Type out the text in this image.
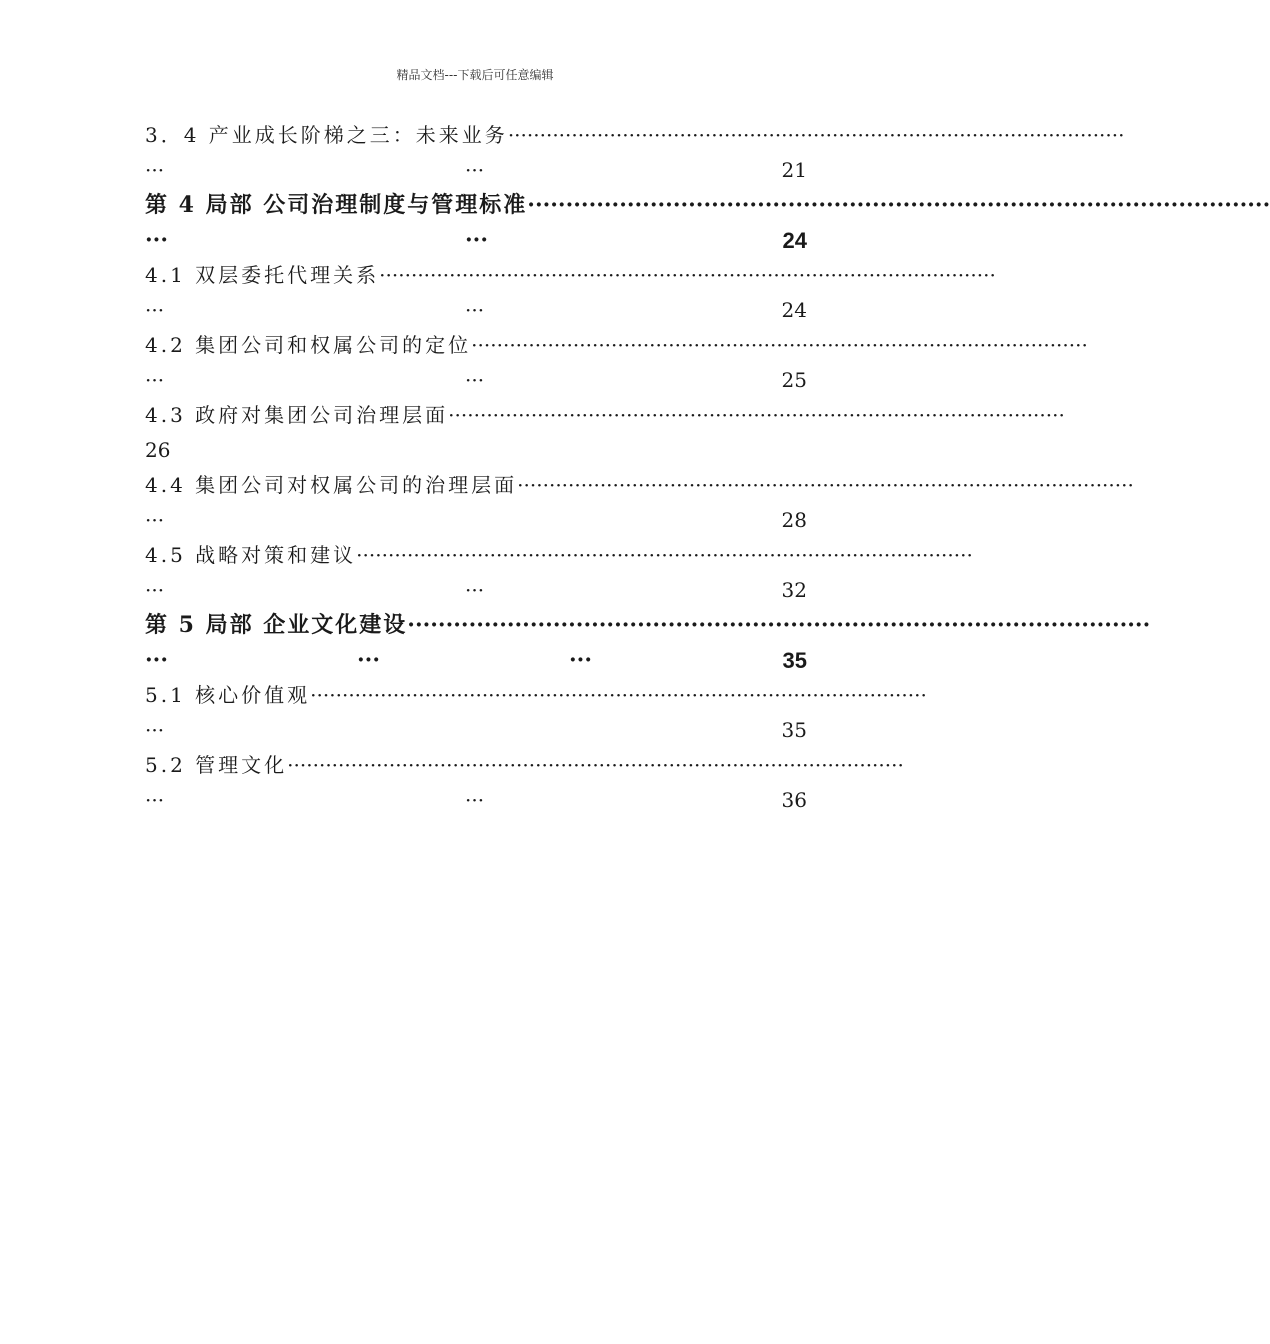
精品文档---下载后可任意编辑
3．4 产业成长阶梯之三：未来业务·································································································
···	···	21
第 4 局部 公司治理制度与管理标准·································································································
···	···	24
4.1 双层委托代理关系·································································································
···	···	24
4.2 集团公司和权属公司的定位·································································································
···	···	25
4.3 政府对集团公司治理层面·································································································
26
4.4 集团公司对权属公司的治理层面·································································································
···	28
4.5 战略对策和建议·································································································
···	···	32
第 5 局部 企业文化建设·································································································
···	···	···	35
5.1 核心价值观·································································································
···	35
5.2 管理文化·································································································
···	···	36
